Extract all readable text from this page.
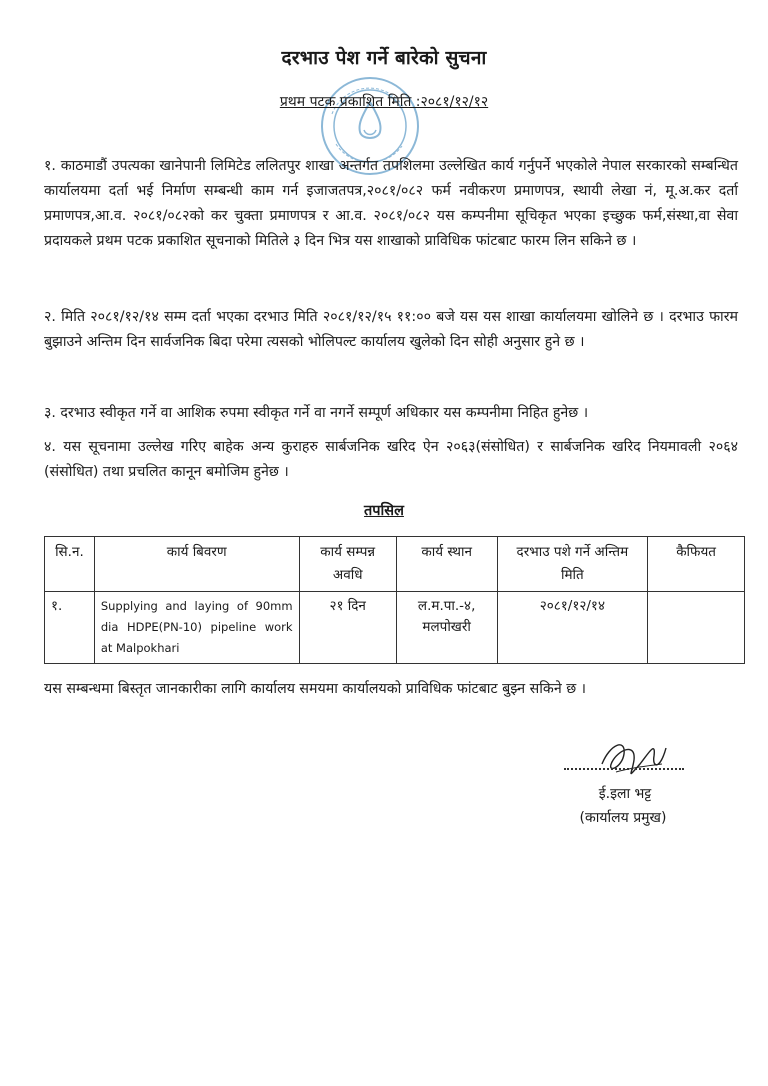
दरभाउ पेश गर्ने बारेको सुचना
प्रथम पटक प्रकाशित मिति :२०८१/१२/१२
१. काठमाडौं उपत्यका खानेपानी लिमिटेड ललितपुर शाखा अन्तर्गत तपशिलमा उल्लेखित कार्य गर्नुपर्ने भएकोले नेपाल सरकारको सम्बन्धित कार्यालयमा दर्ता भई निर्माण सम्बन्धी काम गर्न इजाजतपत्र,२०८१/०८२ फर्म नवीकरण प्रमाणपत्र, स्थायी लेखा नं, मू.अ.कर दर्ता प्रमाणपत्र,आ.व. २०८१/०८२को कर चुक्ता प्रमाणपत्र र आ.व. २०८१/०८२ यस कम्पनीमा सूचिकृत भएका इच्छुक फर्म,संस्था,वा सेवा प्रदायकले प्रथम पटक प्रकाशित सूचनाको मितिले ३ दिन भित्र यस शाखाको प्राविधिक फांटबाट फारम लिन सकिने छ ।
२. मिति २०८१/१२/१४ सम्म दर्ता भएका दरभाउ मिति २०८१/१२/१५ ११:०० बजे यस यस शाखा कार्यालयमा खोलिने छ । दरभाउ फारम बुझाउने अन्तिम दिन सार्वजनिक बिदा परेमा त्यसको भोलिपल्ट कार्यालय खुलेको दिन सोही अनुसार हुने छ ।
३. दरभाउ स्वीकृत गर्ने वा आशिक रुपमा स्वीकृत गर्ने वा नगर्ने सम्पूर्ण अधिकार यस कम्पनीमा निहित हुनेछ ।
४. यस सूचनामा उल्लेख गरिए बाहेक अन्य कुराहरु सार्बजनिक खरिद ऐन २०६३(संसोधित) र सार्बजनिक खरिद नियमावली २०६४ (संसोधित) तथा प्रचलित कानून बमोजिम हुनेछ ।
तपसिल
सि.न.	कार्य बिवरण	कार्य सम्पन्न अवधि	कार्य स्थान	दरभाउ पशे गर्ने अन्तिम मिति	कैफियत
१.	Supplying and laying of 90mm dia HDPE(PN-10) pipeline work at Malpokhari	२१ दिन	ल.म.पा.-४, मलपोखरी	२०८१/१२/१४	
यस सम्बन्धमा बिस्तृत जानकारीका लागि कार्यालय समयमा कार्यालयको प्राविधिक फांटबाट बुझ्न सकिने छ ।
ई.इला भट्ट
(कार्यालय प्रमुख)
